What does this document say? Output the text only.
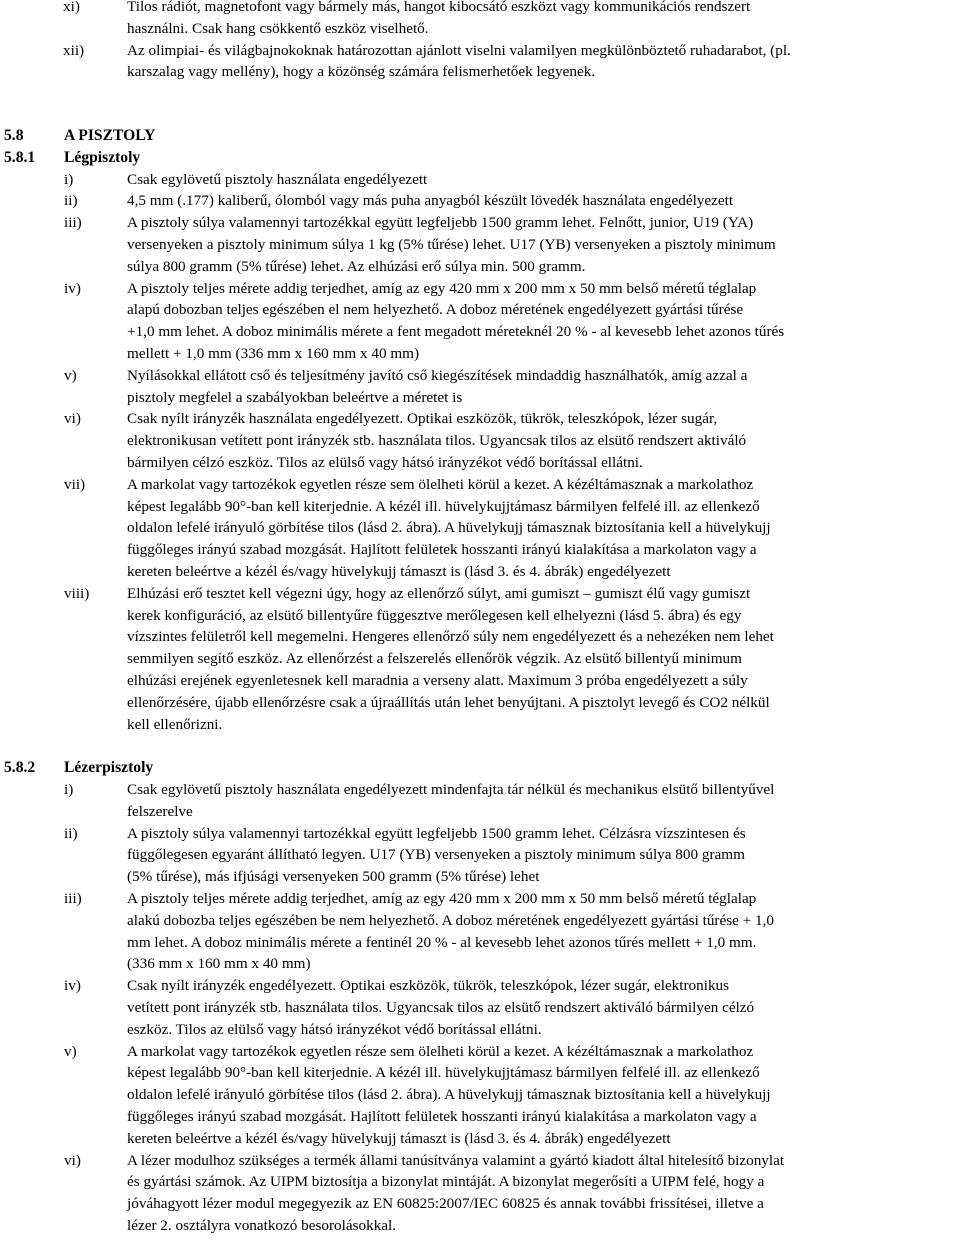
xi)	Tilos rádiót, magnetofont vagy bármely más, hangot kibocsátó eszközt vagy kommunikációs rendszert
használni. Csak hang csökkentő eszköz viselhető.
xii)	Az olimpiai- és világbajnokoknak határozottan ajánlott viselni valamilyen megkülönböztető ruhadarabot, (pl.
karszalag vagy mellény), hogy a közönség számára felismerhetőek legyenek.
5.8	A PISZTOLY
5.8.1 Légpisztoly
i)	Csak egylövetű pisztoly használata engedélyezett
ii)	4,5 mm (.177) kaliberű, ólomból vagy más puha anyagból készült lövedék használata engedélyezett
iii)	A pisztoly súlya valamennyi tartozékkal együtt legfeljebb 1500 gramm lehet. Felnőtt, junior, U19 (YA)
versenyeken a pisztoly minimum súlya 1 kg (5% tűrése) lehet. U17 (YB) versenyeken a pisztoly minimum
súlya 800 gramm (5% tűrése) lehet. Az elhúzási erő súlya min. 500 gramm.
iv)	A pisztoly teljes mérete addig terjedhet, amíg az egy 420 mm x 200 mm x 50 mm belső méretű téglalap
alapú dobozban teljes egészében el nem helyezhető. A doboz méretének engedélyezett gyártási tűrése
+1,0 mm lehet. A doboz minimális mérete a fent megadott méreteknél 20 % - al kevesebb lehet azonos tűrés
mellett + 1,0 mm (336 mm x 160 mm x 40 mm)
v)	Nyílásokkal ellátott cső és teljesítmény javító cső kiegészítések mindaddig használhatók, amíg azzal a
pisztoly megfelel a szabályokban beleértve a méretet is
vi)	Csak nyílt irányzék használata engedélyezett. Optikai eszközök, tükrök, teleszkópok, lézer sugár,
elektronikusan vetített pont irányzék stb. használata tilos. Ugyancsak tilos az elsütő rendszert aktiváló
bármilyen célzó eszköz. Tilos az elülső vagy hátsó irányzékot védő borítással ellátni.
vii)	A markolat vagy tartozékok egyetlen része sem ölelheti körül a kezet. A kézéltámasznak a markolathoz
képest legalább 90°-ban kell kiterjednie. A kézél ill. hüvelykujjtámasz bármilyen felfelé ill. az ellenkező
oldalon lefelé irányuló görbítése tilos (lásd 2. ábra). A hüvelykujj támasznak biztosítania kell a hüvelykujj
függőleges irányú szabad mozgását. Hajlított felületek hosszanti irányú kialakítása a markolaton vagy a
kereten beleértve a kézél és/vagy hüvelykujj támaszt is (lásd 3. és 4. ábrák) engedélyezett
viii) Elhúzási erő tesztet kell végezni úgy, hogy az ellenőrző súlyt, ami gumiszt – gumiszt élű vagy gumiszt
kerek konfiguráció, az elsütő billentyűre függesztve merőlegesen kell elhelyezni (lásd 5. ábra) és egy
vízszintes felületről kell megemelni. Hengeres ellenőrző súly nem engedélyezett és a nehezéken nem lehet
semmilyen segítő eszköz. Az ellenőrzést a felszerelés ellenőrök végzik. Az elsütő billentyű minimum
elhúzási erejének egyenletesnek kell maradnia a verseny alatt. Maximum 3 próba engedélyezett a súly
ellenőrzésére, újabb ellenőrzésre csak a újraállítás után lehet benyújtani. A pisztolyt levegő és CO2 nélkül
kell ellenőrizni.
5.8.2 Lézerpisztoly
i)	Csak egylövetű pisztoly használata engedélyezett mindenfajta tár nélkül és mechanikus elsütő billentyűvel
felszerelve
ii)	A pisztoly súlya valamennyi tartozékkal együtt legfeljebb 1500 gramm lehet. Célzásra vízszintesen és
függőlegesen egyaránt állítható legyen. U17 (YB) versenyeken a pisztoly minimum súlya 800 gramm
(5% tűrése), más ifjúsági versenyeken 500 gramm (5% tűrése) lehet
iii)	A pisztoly teljes mérete addig terjedhet, amíg az egy 420 mm x 200 mm x 50 mm belső méretű téglalap
alakú dobozba teljes egészében be nem helyezhető. A doboz méretének engedélyezett gyártási tűrése + 1,0
mm lehet. A doboz minimális mérete a fentinél 20 % - al kevesebb lehet azonos tűrés mellett + 1,0 mm.
(336 mm x 160 mm x 40 mm)
iv)	Csak nyílt irányzék engedélyezett. Optikai eszközök, tükrök, teleszkópok, lézer sugár, elektronikus
vetített pont irányzék stb. használata tilos. Ugyancsak tilos az elsütő rendszert aktiváló bármilyen célzó
eszköz. Tilos az elülső vagy hátsó irányzékot védő borítással ellátni.
v)	A markolat vagy tartozékok egyetlen része sem ölelheti körül a kezet. A kézéltámasznak a markolathoz
képest legalább 90°-ban kell kiterjednie. A kézél ill. hüvelykujjtámasz bármilyen felfelé ill. az ellenkező
oldalon lefelé irányuló görbítése tilos (lásd 2. ábra). A hüvelykujj támasznak biztosítania kell a hüvelykujj
függőleges irányú szabad mozgását. Hajlított felületek hosszanti irányú kialakítása a markolaton vagy a
kereten beleértve a kézél és/vagy hüvelykujj támaszt is (lásd 3. és 4. ábrák) engedélyezett
vi)	A lézer modulhoz szükséges a termék állami tanúsítványa valamint a gyártó kiadott által hitelesítő bizonylat
és gyártási számok. Az UIPM biztosítja a bizonylat mintáját. A bizonylat megerősíti a UIPM felé, hogy a
jóváhagyott lézer modul megegyezik az EN 60825:2007/IEC 60825 és annak további frissítései, illetve a
lézer 2. osztályra vonatkozó besorolásokkal.
